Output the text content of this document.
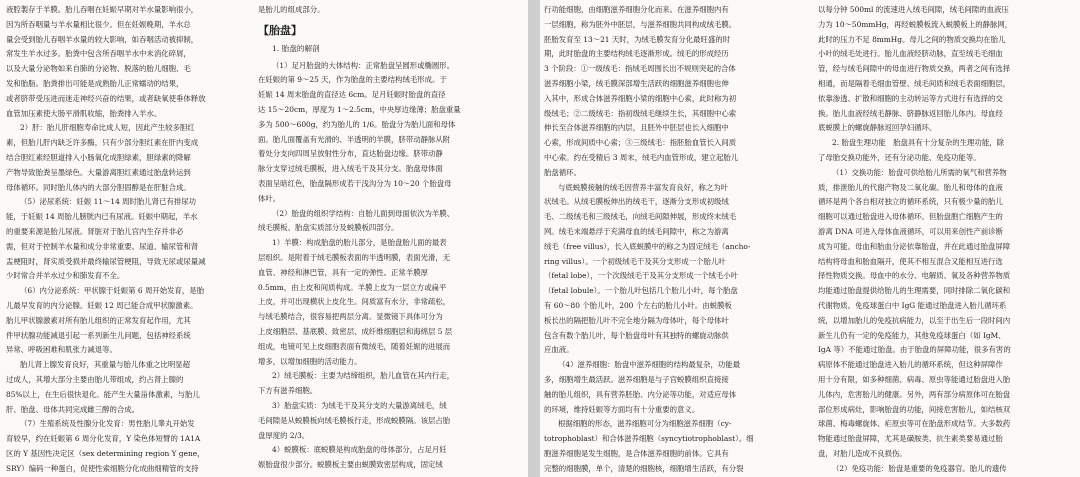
液腔製存于羊膜。胎儿吞咽在妊娠早期对羊水量影响很小，

因为所吞咽量与羊水量相比很少。但在妊娠晚期，羊水总

量会受到胎儿吞咽羊水量的较大影响，如吞咽活动被抑制，

常发生羊水过多。胎粪中包含所吞咽羊水中未消化碎屑，

以及大量分泌物如来自肺的分泌物、脱落的胎儿细胞、毛

发和胎脂。胎粪排出可能是成熟胎儿正常蠕动的结果，

或者脐带受压进而迷走神经兴奋的结果，或者缺氧使垂体释放

血管加压素使大肠平滑肌收缩，胎粪排入羊水。

2）肝：胎儿肝细胞寿命比成人短，因此产生较多胆红

素，但胎儿肝内缺乏许多酶，只有少部分胆红素在肝内变成

结合胆红素经胆道排入小肠氧化成胆绿素，胆绿素的降解

产物导致胎粪呈墨绿色。大量游离胆红素通过胎盘转运到

母体循环。同时胎儿体内的大部分胆固醇是在肝脏合成。

（5）泌尿系统：妊娠 11～14 周时胎儿肾已有排尿功

能，于妊娠 14 周胎儿膀胱内已有尿液。妊娠中期起，羊水

的重要来源是胎儿尿液。肾脏对于胎儿宫内生存并非必

需，但对于控制羊水量和成分非常重要。尿道、输尿管和肾

盂梗阻时，肾实质受损并最终输尿管梗阻，导致无尿或尿量减

少时常合并羊水过少和肺发育不全。

（6）内分泌系统：甲状腺于妊娠第 6 周开始发育，是胎

儿最早发育的内分泌腺。妊娠 12 周已能合成甲状腺激素。

胎儿甲状腺激素对所有胎儿组织的正常发育起作用，尤其

件甲状腺功能减退引起一系列新生儿问题，包括神经系统

异常、呼吸困难和肌张力减退等。

胎儿肾上腺发育良好，其重量与胎儿体重之比明显超

过成人，其增大部分主要由胎儿带组成，约占肾上腺的

85%以上，在生后很快退化。能产生大量甾体激素，与胎儿

肝、胎盘、母体共同完成雌三醇的合成。

（7）生殖系统及性腺分化发育：男性胎儿睾丸开始发

育较早，约在妊娠第 6 周分化发育，Y 染色体短臂的 1A1A

区的 Y 基因性决定区（sex determining region Y gene，

SRY）编码一种蛋白，促使性索细胞分化成曲细精管的支持

是胎儿的组成部分。

【胎盘】
1. 胎盘的解剖

（1）足月胎盘的大体结构：正常胎盘呈圆形或椭圆形。

在妊娠的第 9～25 天，作为胎盘的主要结构绒毛形成。于

妊娠 14 周末胎盘的直径达 6cm。足月妊娠时胎盘的直径

达 15～20cm，厚度为 1～2.5cm，中央厚边缘薄；胎盘重量

多为 500～600g，约为胎儿的 1/6。胎盘分为胎儿面和母体

面。胎儿面覆盖有光滑的、半透明的羊膜，脐带动静脉从附

着处分支向四周呈放射性分布，直达胎盘边缘。脐带动静

脉分支穿过绒毛膜板，进入绒毛干及其分支。胎盘母体面

表面呈暗红色，胎盘隔形成若干浅沟分为 10～20 个胎盘母

体叶。

（2）胎盘的组织学结构：自胎儿面到母面依次为羊膜、

绒毛膜板、胎盘实质部分及蜕膜板四部分。

1）羊膜：构成胎盘的胎儿部分，是胎盘胎儿面的最表

层组织。是附着于绒毛膜板表面的半透明膜，表面光滑，无

血管、神经和淋巴管，具有一定的弹性。正常羊膜厚

0.5mm，由上皮和间质构成。羊膜上皮为一层立方或扁平

上皮，并可出现横状上皮化生。间质富有水分，非常疏松，

与绒毛膜结合，很容易把两层分离。显微镜下具体可分为

上皮细胞层、基底膜、致密层、成纤维细胞层和海绵层 5 层

组成，电镜可见上皮细胞表面有微绒毛，随着妊娠的进展而

增多，以增加细胞的活动能力。

2）绒毛膜板：主要为结缔组织，胎儿血管在其内行走，

下方有滋养细胞。

3）胎盘实质：为绒毛干及其分支的大量游离绒毛，绒

毛间隙是从蜕膜板向绒毛膜板行走，形成蜕膜隔。该层占胎

盘厚度的 2/3。

4）蜕膜板：底蜕膜是构成胎盘的母体部分，占足月妊

娠胎盘很少部分。蜕膜板主要由蜕膜致密层构成，固定绒

行功能细胞，由细胞滋养细胞分化而来。在滋养细胞内有

一层细胞，称为胚外中胚层，与滋养细胞共同构成绒毛膜。

胚胎发育至 13～21 天时，为绒毛膜发育分化最旺盛的时

期，此时胎盘的主要结构绒毛逐渐形成。绒毛的形成经历

3 个阶段：①一级绒毛：指绒毛周围长出不规则突起的合体

滋养细胞小梁，绒毛膜深部增生活跃的细胞滋养细胞也伸

入其中，形成合体滋养细胞小梁的细胞中心索，此时称为初

级绒毛；②二级绒毛：指初级绒毛继续生长，其细胞中心索

伸长至合体滋养细胞的内层，且胚外中胚层也长入细胞中

心索，形成间质中心索；③三级绒毛：指胚胎血管长入间质

中心索。约在受精后 3 周末，绒毛内血管形成，建立起胎儿

胎盘循环。

与底蜕膜接触的绒毛因营养丰富发育良好，称之为叶

状绒毛。从绒毛膜板伸出的绒毛干，逐渐分支形成初级绒

毛、二级绒毛和三级绒毛，向绒毛间隙伸展，形成终末绒毛

网。绒毛末端悬浮于充满母血的绒毛间隙中，称之为游离

绒毛（free villus），长入底蜕膜中的称之为固定绒毛（ancho-

ring villus）。一个初级绒毛干及其分支形成一个胎儿叶

（fetal lobe），一个次级绒毛干及其分支形成一个绒毛小叶

（fetal lobule）。一个胎儿叶包括几个胎儿小叶，每个胎盘

有 60～80 个胎儿叶，200 个左右的胎儿小叶。由蜕膜板

板长出的隔把胎儿叶不完全地分隔为母体叶，每个母体叶

包含有数个胎儿叶，每个胎盘母叶有其独特的螺旋动脉供

应血液。

（4）滋养细胞：胎盘中滋养细胞的结构最复杂，功能最

多，细胞增生最活跃。滋养细胞是与子宫蜕膜组织直接接

触的胎儿组织，具有营养胚胎、内分泌等功能，对适应母体

的环境，维持妊娠等方面均有十分重要的意义。

根据细胞的形态，滋养细胞可分为细胞滋养细胞（cy-

totrophoblast）和合体滋养细胞（syncytiotrophoblast）。细

胞滋养细胞是发生细胞，是合体滋养细胞的前体。它具有

完整的细胞膜，单个，清楚的细胞核，细胞增生活跃，有分裂

以每分钟 500ml 的流速进入绒毛间隙，绒毛间隙的血液压

力为 10～50mmHg，再经蜕膜板流入蜕膜板上的静脉网，

此时的压力不足 8mmHg。母儿之间的物质交换均在胎儿

小叶的绒毛处进行。胎儿血液经脐动脉，直至绒毛毛细血

管，经与绒毛间隙中的母血进行物质交换，两者之间有选择

相通，而是隔着毛细血管壁、绒毛间质和绒毛表面细胞层，

依靠渗透、扩散和细胞的主动转运等方式进行有选择的交

换。胎儿血液经绒毛静脉、脐静脉返回胎儿体内。母血经

底蜕膜上的螺旋静脉返回孕妇循环。

2. 胎盘生理功能　胎盘具有十分复杂的生理功能，除

了母胎交换功能外，还有分泌功能、免疫功能等。

（1）交换功能：胎盘可供给胎儿所需的氧气和营养物

质，排泄胎儿的代谢产物及二氧化碳。胎儿和母体的血液

循环是两个各自相对独立的循环系统，只有极少量的胎儿

细胞可以通过胎盘进入母体循环。但胎盘胞亡细胞产生的

游离 DNA 可进入母体血液循环，可以用来创性产前诊断

成为可能。母血和胎血分泌依靠胎盘，并在此通过胎盘屏障

结构将母血和胎血隔开，使其不相互混合又能相互进行选

择性物质交换。母血中的水分、电解质、氧及各种营养物质

均能通过胎盘提供给胎儿的生理需要，同时排除二氧化碳和

代谢物质。免疫球蛋白中 IgG 能通过胎盘进入胎儿循环系

统，以增加胎儿的免疫抗病能力，以至于出生后一段时间内

新生儿仍有一定的免疫能力，其他免疫球蛋白（如 IgM、

IgA 等）不能通过胎盘。由于胎盘的屏障功能，很多有害的

病原体不能通过胎盘进入胎儿的循环系统，但这种屏障作

用十分有限，如多种细菌、病毒、原虫等能通过胎盘进入胎

儿体内，危害胎儿的健康。另外，两有部分病原体可在胎盘

部位形成病灶，影响胎盘的功能，间接危害胎儿，如结核双

球菌、梅毒螺旋体、疟原虫等可在胎盘形成结节。大多数药

物能通过胎盘屏障，尤其是磺胺类、抗生素类要易通过胎

盘，对胎儿造成不良损伤。

（2）免疫功能：胎盘是重要的免疫器官。胎儿的遗传
